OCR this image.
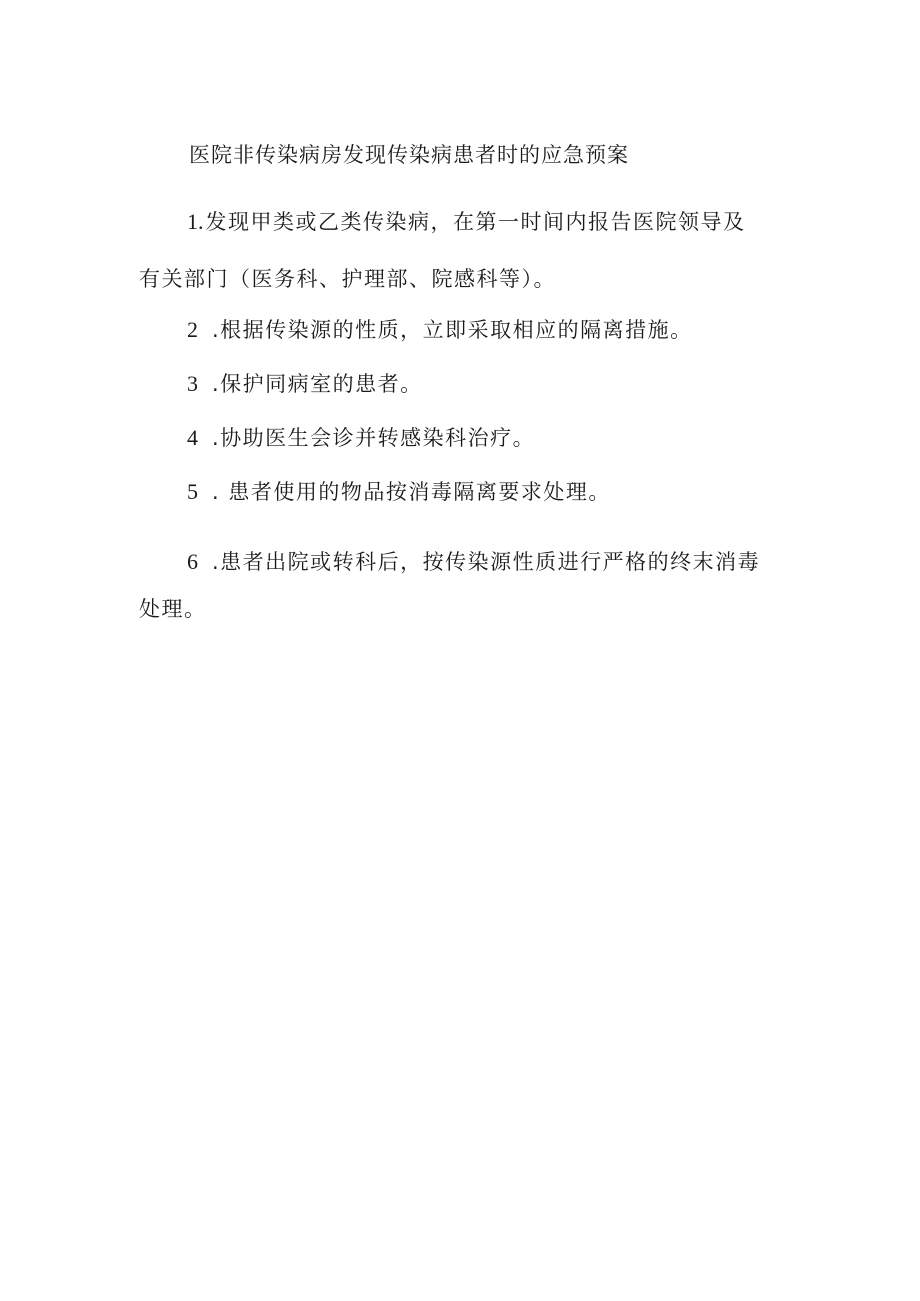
医院非传染病房发现传染病患者时的应急预案
1.发现甲类或乙类传染病，在第一时间内报告医院领导及
有关部门（医务科、护理部、院感科等）。
2 .根据传染源的性质，立即采取相应的隔离措施。
3 .保护同病室的患者。
4 .协助医生会诊并转感染科治疗。
5 . 患者使用的物品按消毒隔离要求处理。
6 .患者出院或转科后，按传染源性质进行严格的终末消毒
处理。
